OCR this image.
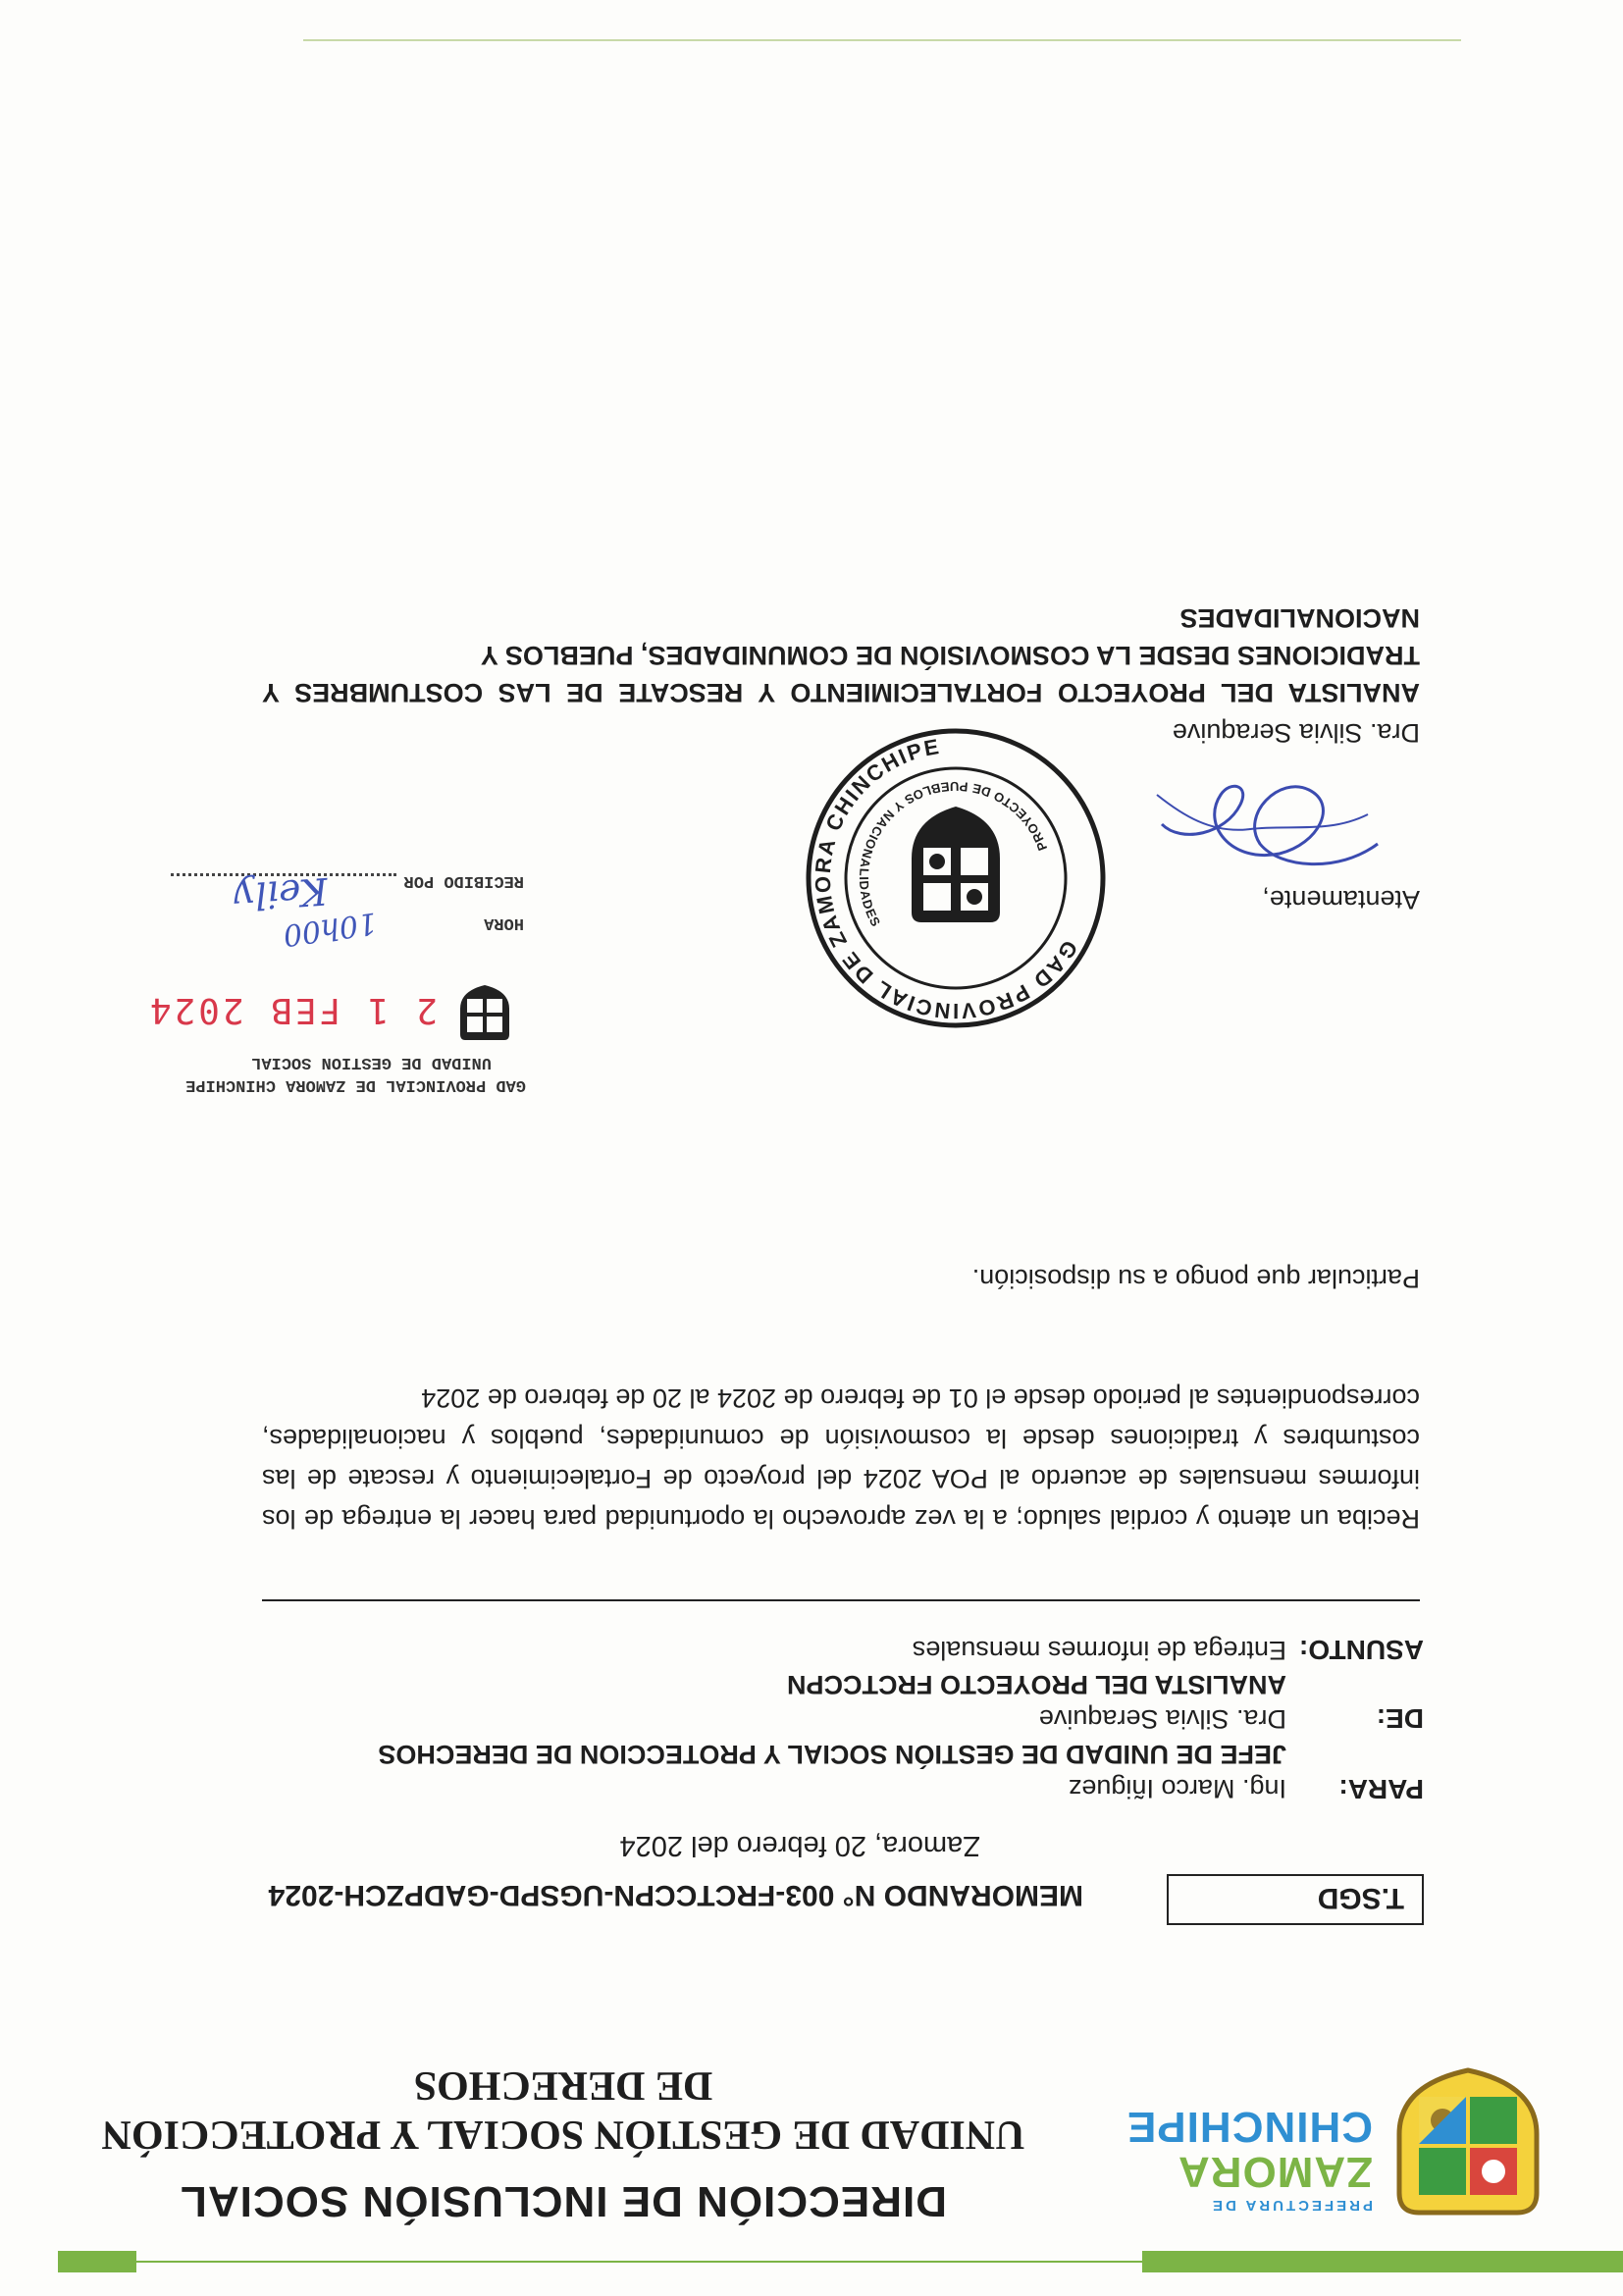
PREFECTURA DE
ZAMORA
CHINCHIPE
DIRECCIÓN DE INCLUSIÓN SOCIAL
UNIDAD DE GESTIÓN SOCIAL Y PROTECCIÓN
DE DERECHOS
T.SGD
MEMORANDO N° 003-FRCTCCPN-UGSPD-GADPZCH-2024
Zamora, 20 febrero del 2024
PARA:
Ing. Marco Iñiguez
JEFE DE UNIDAD DE GESTIÓN SOCIAL Y PROTECCION DE DERECHOS
DE:
Dra. Silvia Seraquive
ANALISTA DEL PROYECTO FRCTCCPN
ASUNTO:
Entrega de informes mensuales
Reciba un atento y cordial saludo; a la vez aprovecho la oportunidad para hacer la entrega de los
informes mensuales de acuerdo al POA 2024 del proyecto de Fortalecimiento y rescate de las
costumbres y tradiciones desde la cosmovisión de comunidades, pueblos y nacionalidades,
correspondientes al periodo desde el 01 de febrero de 2024 al 20 de febrero de 2024
Particular que pongo a su disposición.
GAD PROVINCIAL DE ZAMORA CHINCHIPE
UNIDAD DE GESTION SOCIAL
2 1 FEB 2024
HORA
10h00
RECIBIDO POR
Keily
GAD PROVINCIAL DE ZAMORA CHINCHIPE
PROYECTO DE PUEBLOS Y NACIONALIDADES
Atentamente,
Dra. Silvia Seraquive
ANALISTA DEL PROYECTO FORTALECIMIENTO Y RESCATE DE LAS COSTUMBRES Y
TRADICIONES DESDE LA COSMOVISIÓN DE COMUNIDADES, PUEBLOS Y NACIONALIDADES
